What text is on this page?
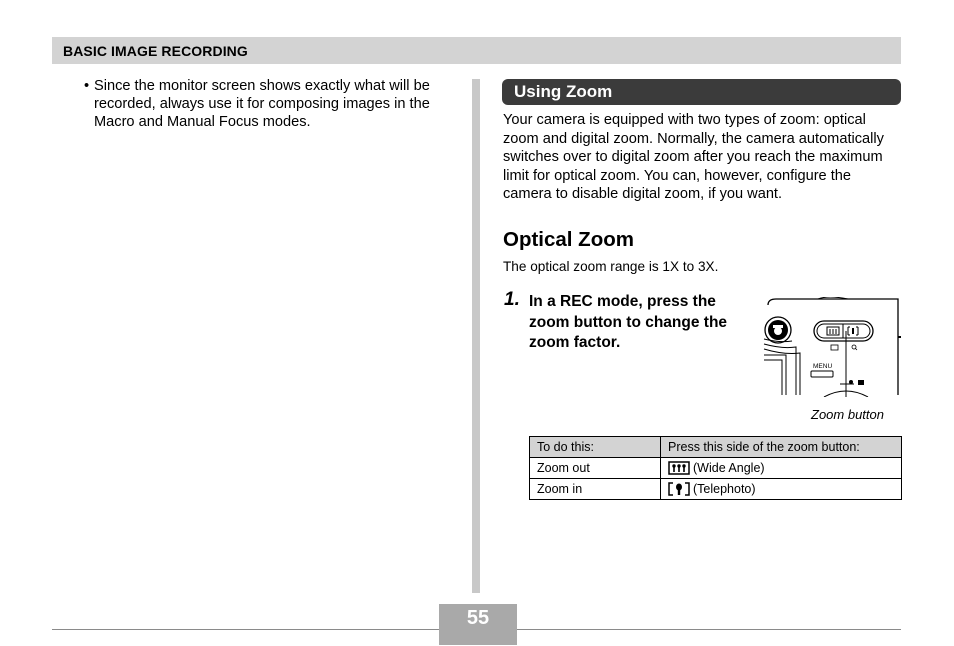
BASIC IMAGE RECORDING
• Since the monitor screen shows exactly what will be recorded, always use it for composing images in the Macro and Manual Focus modes.
Using Zoom
Your camera is equipped with two types of zoom: optical zoom and digital zoom. Normally, the camera automatically switches over to digital zoom after you reach the maximum limit for optical zoom. You can, however, configure the camera to disable digital zoom, if you want.
Optical Zoom
The optical zoom range is 1X to 3X.
1. In a REC mode, press the zoom button to change the zoom factor.
MENU
Zoom button
To do this:	Press this side of the zoom button:
Zoom out	(Wide Angle)
Zoom in	(Telephoto)
55
